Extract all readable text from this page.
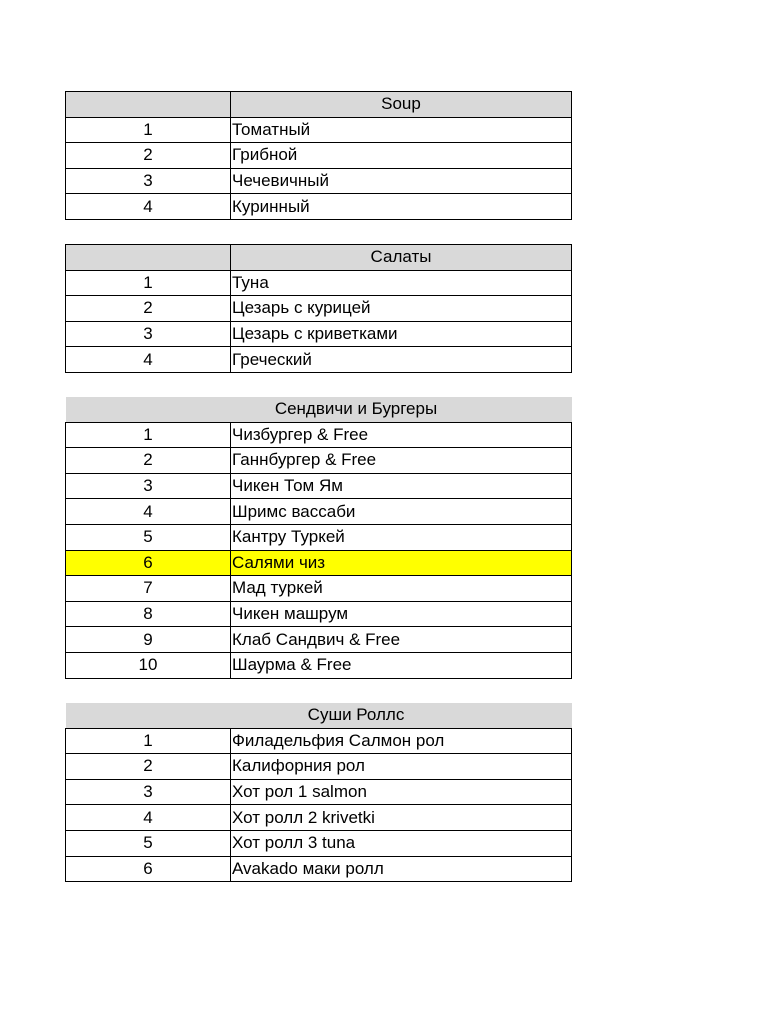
	Soup
1	Томатный
2	Грибной
3	Чечевичный
4	Куринный
	Салаты
1	Туна
2	Цезарь с курицей
3	Цезарь с криветками
4	Греческий
Сендвичи и Бургеры	
1	Чизбургер & Free
2	Ганнбургер & Free
3	Чикен Том Ям
4	Шримс вассаби
5	Кантру Туркей
6	Салями чиз
7	Мад туркей
8	Чикен машрум
9	Клаб Сандвич & Free
10	Шаурма & Free
Суши Роллс	
1	Филадельфия Салмон рол
2	Калифорния рол
3	Хот рол 1 salmon
4	Хот ролл 2 krivetki
5	Хот ролл 3 tuna
6	Avakado маки ролл
